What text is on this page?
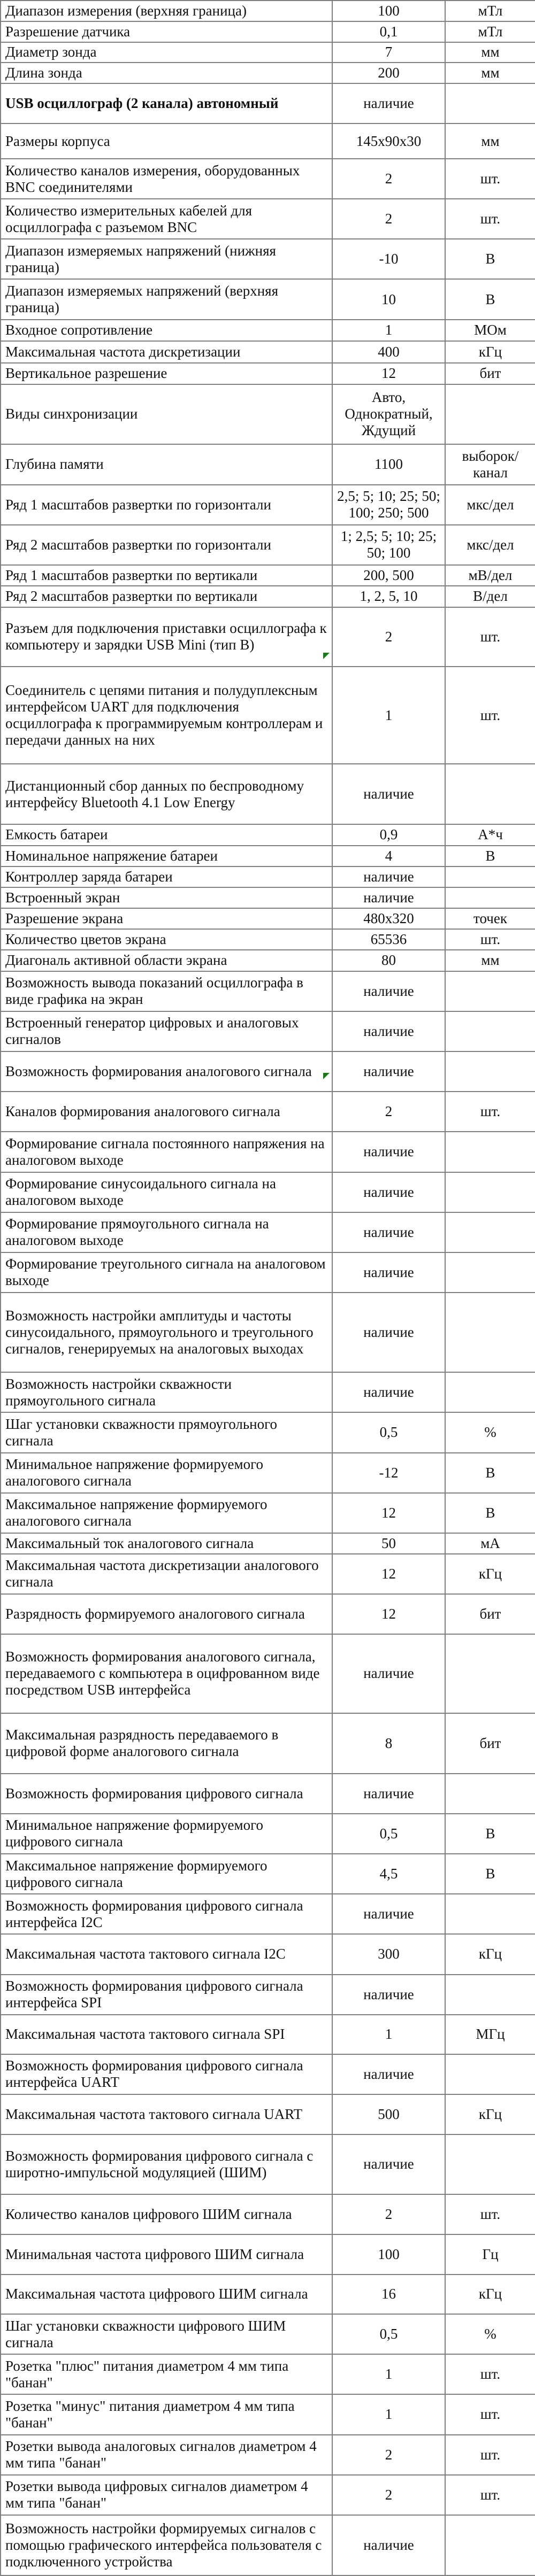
Диапазон измерения (верхняя граница)	100	мТл
Разрешение датчика	0,1	мТл
Диаметр зонда	7	мм
Длина зонда	200	мм
USB осциллограф (2 канала) автономный	наличие	
Размеры корпуса	145х90х30	мм
Количество каналов измерения, оборудованных BNC соединителями	2	шт.
Количество измерительных кабелей для осциллографа с разъемом BNC	2	шт.
Диапазон измеряемых напряжений (нижняя граница)	-10	В
Диапазон измеряемых напряжений (верхняя граница)	10	В
Входное сопротивление	1	МОм
Максимальная частота дискретизации	400	кГц
Вертикальное разрешение	12	бит
Виды синхронизации	Авто, Однократный, Ждущий	
Глубина памяти	1100	выборок/канал
Ряд 1 масштабов развертки по горизонтали	2,5; 5; 10; 25; 50; 100; 250; 500	мкс/дел
Ряд 2 масштабов развертки по горизонтали	1; 2,5; 5; 10; 25; 50; 100	мкс/дел
Ряд 1 масштабов развертки по вертикали	200, 500	мВ/дел
Ряд 2 масштабов развертки по вертикали	1, 2, 5, 10	В/дел
Разъем для подключения приставки осциллографа к компьютеру и зарядки USB Mini (тип B)	2	шт.
Соединитель с цепями питания и полудуплексным интерфейсом UART для подключения осциллографа к программируемым контроллерам и передачи данных на них	1	шт.
Дистанционный сбор данных по беспроводному интерфейсу Bluetooth 4.1 Low Energy	наличие	
Емкость батареи	0,9	А*ч
Номинальное напряжение батареи	4	В
Контроллер заряда батареи	наличие	
Встроенный экран	наличие	
Разрешение экрана	480х320	точек
Количество цветов экрана	65536	шт.
Диагональ активной области экрана	80	мм
Возможность вывода показаний осциллографа в виде графика на экран	наличие	
Встроенный генератор цифровых и аналоговых сигналов	наличие	
Возможность формирования аналогового сигнала	наличие	
Каналов формирования аналогового сигнала	2	шт.
Формирование сигнала постоянного напряжения на аналоговом выходе	наличие	
Формирование синусоидального сигнала на аналоговом выходе	наличие	
Формирование прямоугольного сигнала на аналоговом выходе	наличие	
Формирование треугольного сигнала на аналоговом выходе	наличие	
Возможность настройки амплитуды и частоты синусоидального, прямоугольного и треугольного сигналов, генерируемых на аналоговых выходах	наличие	
Возможность настройки скважности прямоугольного сигнала	наличие	
Шаг установки скважности прямоугольного сигнала	0,5	%
Минимальное напряжение формируемого аналогового сигнала	-12	В
Максимальное напряжение формируемого аналогового сигнала	12	В
Максимальный ток аналогового сигнала	50	мА
Максимальная частота дискретизации аналогового сигнала	12	кГц
Разрядность формируемого аналогового сигнала	12	бит
Возможность формирования аналогового сигнала, передаваемого с компьютера в оцифрованном виде посредством USB интерфейса	наличие	
Максимальная разрядность передаваемого в цифровой форме аналогового сигнала	8	бит
Возможность формирования цифрового сигнала	наличие	
Минимальное напряжение формируемого цифрового сигнала	0,5	В
Максимальное напряжение формируемого цифрового сигнала	4,5	В
Возможность формирования цифрового сигнала интерфейса I2C	наличие	
Максимальная частота тактового сигнала I2C	300	кГц
Возможность формирования цифрового сигнала интерфейса SPI	наличие	
Максимальная частота тактового сигнала SPI	1	МГц
Возможность формирования цифрового сигнала интерфейса UART	наличие	
Максимальная частота тактового сигнала UART	500	кГц
Возможность формирования цифрового сигнала с широтно-импульсной модуляцией (ШИМ)	наличие	
Количество каналов цифрового ШИМ сигнала	2	шт.
Минимальная частота цифрового ШИМ сигнала	100	Гц
Максимальная частота цифрового ШИМ сигнала	16	кГц
Шаг установки скважности цифрового ШИМ сигнала	0,5	%
Розетка "плюс" питания диаметром 4 мм типа "банан"	1	шт.
Розетка "минус" питания диаметром 4 мм типа "банан"	1	шт.
Розетки вывода аналоговых сигналов диаметром 4 мм типа "банан"	2	шт.
Розетки вывода цифровых сигналов диаметром 4 мм типа "банан"	2	шт.
Возможность настройки формируемых сигналов с помощью графического интерфейса пользователя с подключенного устройства	наличие	
